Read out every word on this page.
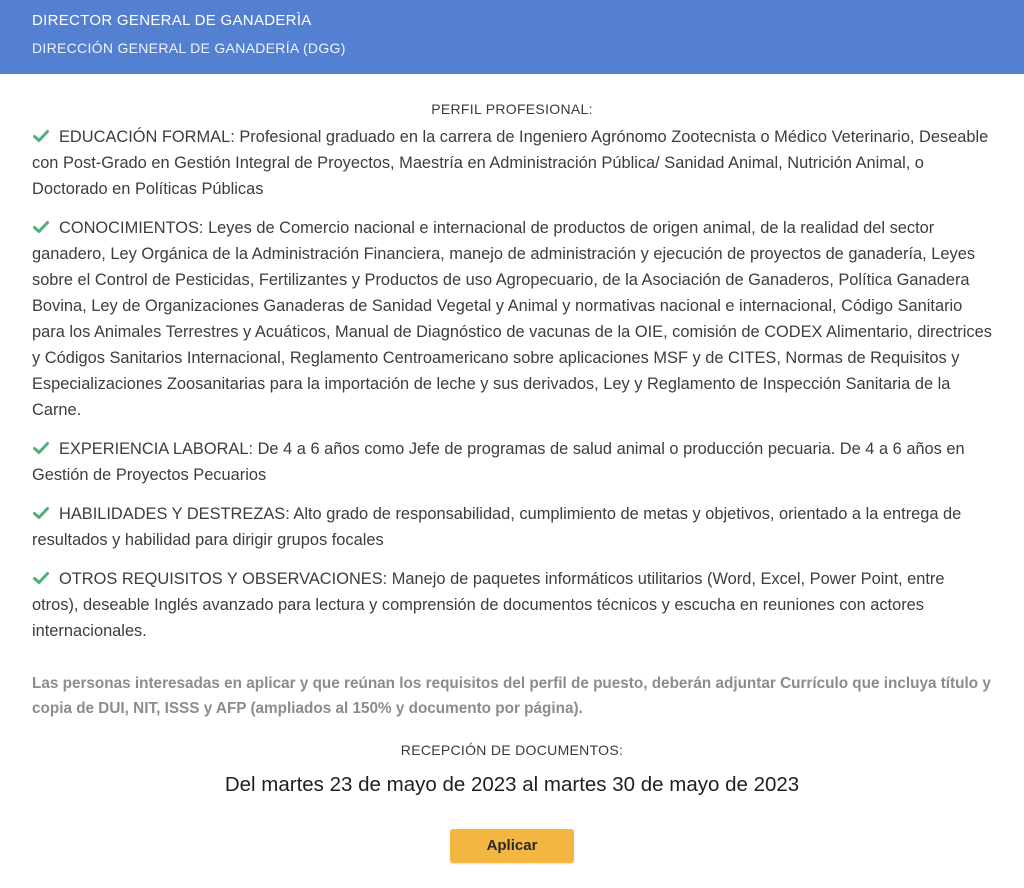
DIRECTOR GENERAL DE GANADERÌA
DIRECCIÓN GENERAL DE GANADERÍA (DGG)
PERFIL PROFESIONAL:

EDUCACIÓN FORMAL: Profesional graduado en la carrera de Ingeniero Agrónomo Zootecnista o Médico Veterinario, Deseable con Post-Grado en Gestión Integral de Proyectos, Maestría en Administración Pública/ Sanidad Animal, Nutrición Animal, o Doctorado en Políticas Públicas

CONOCIMIENTOS: Leyes de Comercio nacional e internacional de productos de origen animal, de la realidad del sector ganadero, Ley Orgánica de la Administración Financiera, manejo de administración y ejecución de proyectos de ganadería, Leyes sobre el Control de Pesticidas, Fertilizantes y Productos de uso Agropecuario, de la Asociación de Ganaderos, Política Ganadera Bovina, Ley de Organizaciones Ganaderas de Sanidad Vegetal y Animal y normativas nacional e internacional, Código Sanitario para los Animales Terrestres y Acuáticos, Manual de Diagnóstico de vacunas de la OIE, comisión de CODEX Alimentario, directrices y Códigos Sanitarios Internacional, Reglamento Centroamericano sobre aplicaciones MSF y de CITES, Normas de Requisitos y Especializaciones Zoosanitarias para la importación de leche y sus derivados, Ley y Reglamento de Inspección Sanitaria de la Carne.

EXPERIENCIA LABORAL: De 4 a 6 años como Jefe de programas de salud animal o producción pecuaria. De 4 a 6 años en Gestión de Proyectos Pecuarios

HABILIDADES Y DESTREZAS: Alto grado de responsabilidad, cumplimiento de metas y objetivos, orientado a la entrega de resultados y habilidad para dirigir grupos focales

OTROS REQUISITOS Y OBSERVACIONES: Manejo de paquetes informáticos utilitarios (Word, Excel, Power Point, entre otros), deseable Inglés avanzado para lectura y comprensión de documentos técnicos y escucha en reuniones con actores internacionales.

Las personas interesadas en aplicar y que reúnan los requisitos del perfil de puesto, deberán adjuntar Currículo que incluya título y copia de DUI, NIT, ISSS y AFP (ampliados al 150% y documento por página).
RECEPCIÓN DE DOCUMENTOS:
Del martes 23 de mayo de 2023 al martes 30 de mayo de 2023
Aplicar
